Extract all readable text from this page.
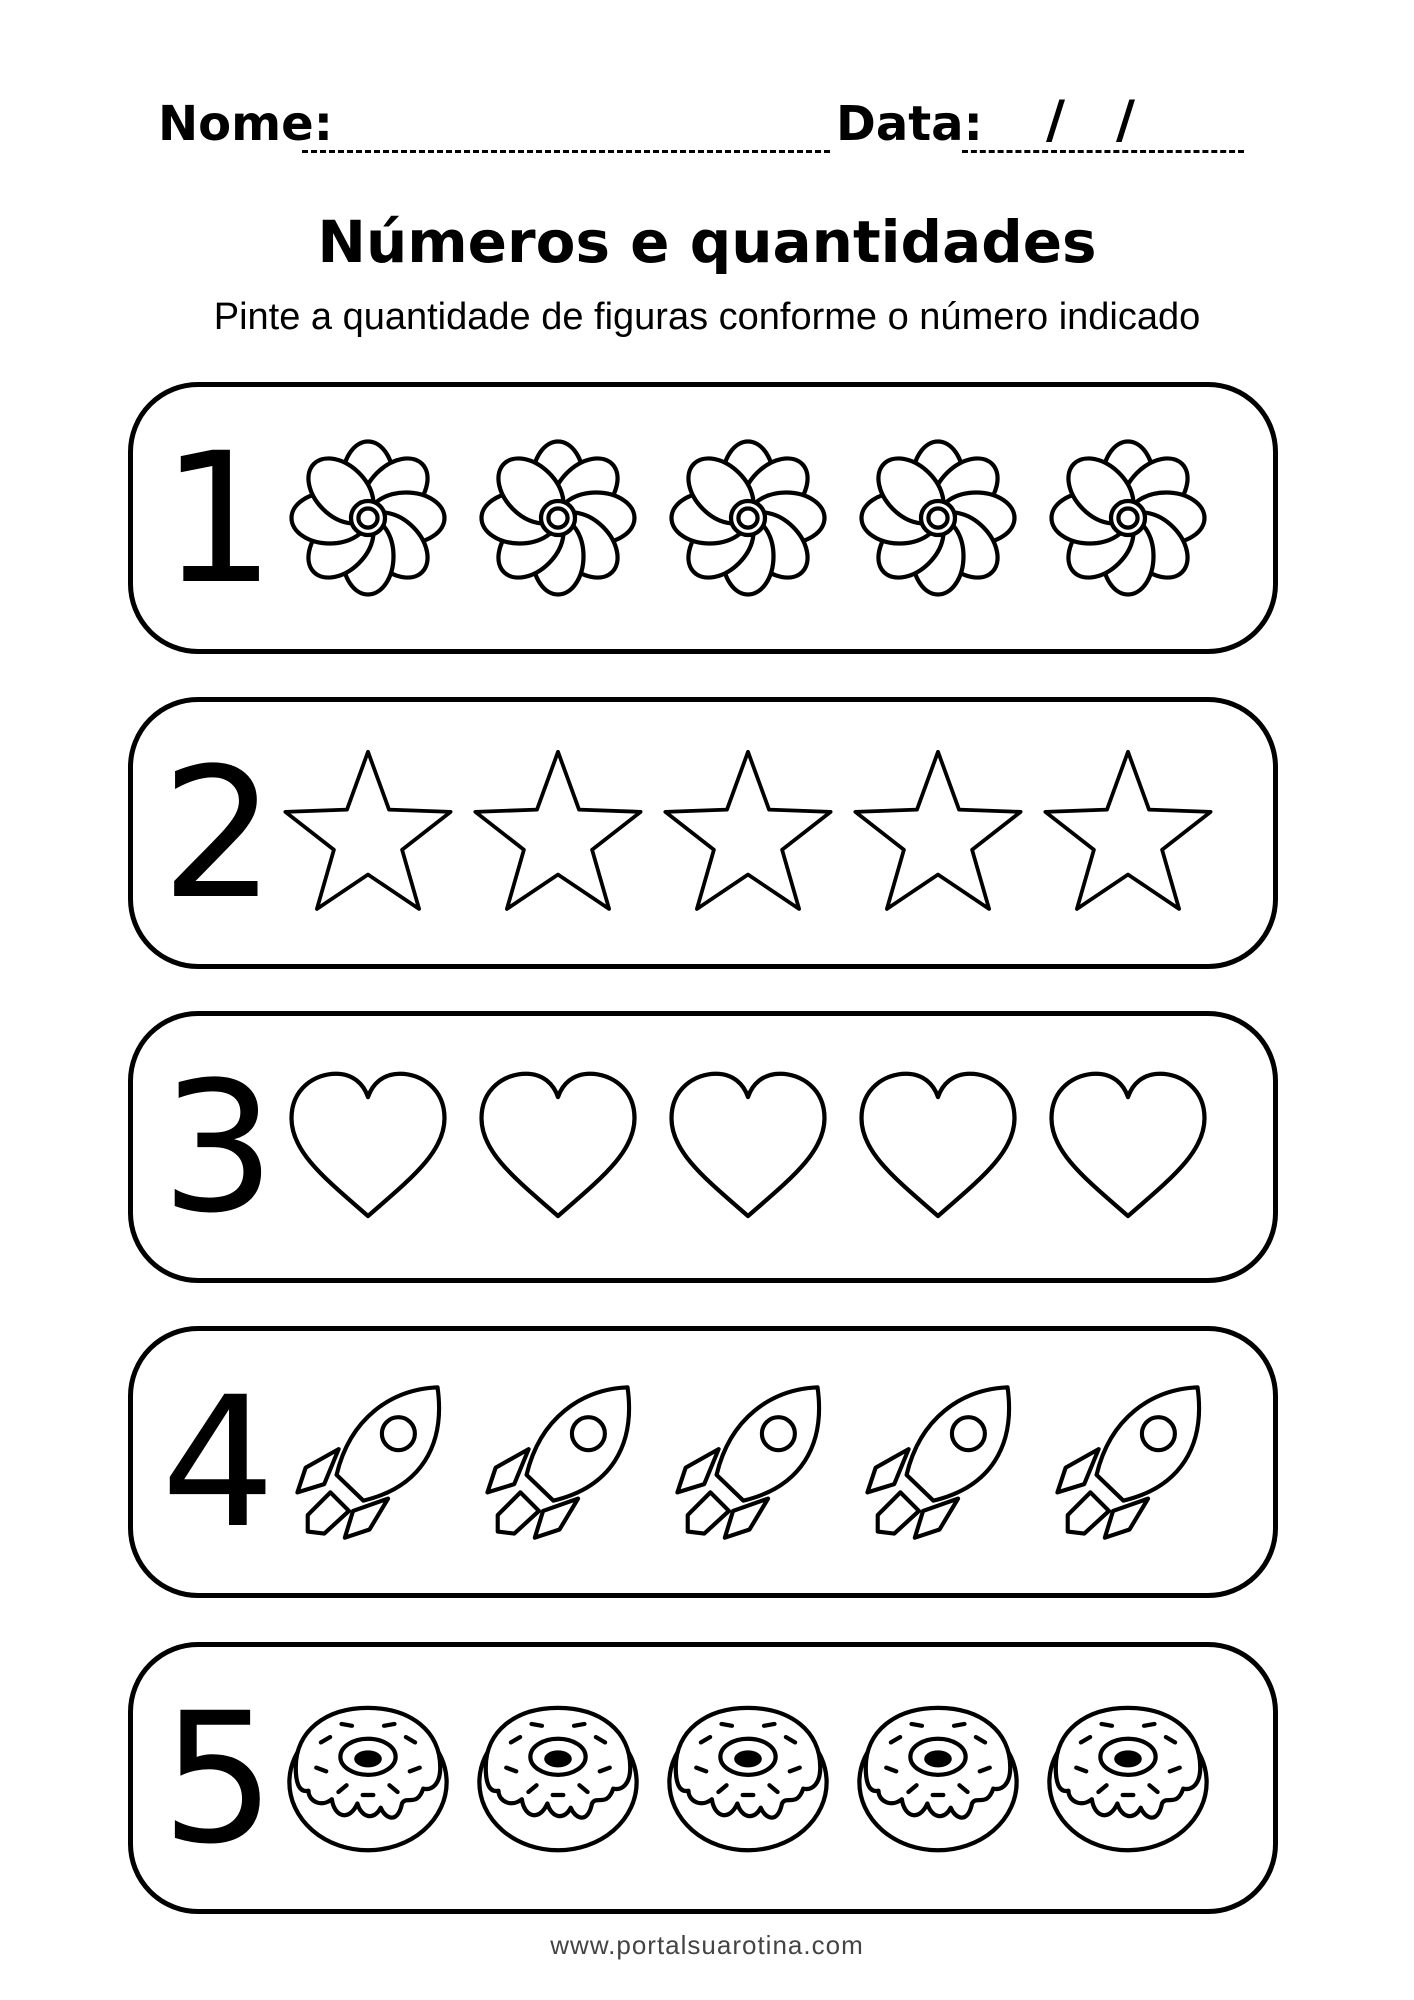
Nome:	Data: / /
Números e quantidades
Pinte a quantidade de figuras conforme o número indicado
1
2
3
4
5
www.portalsuarotina.com
